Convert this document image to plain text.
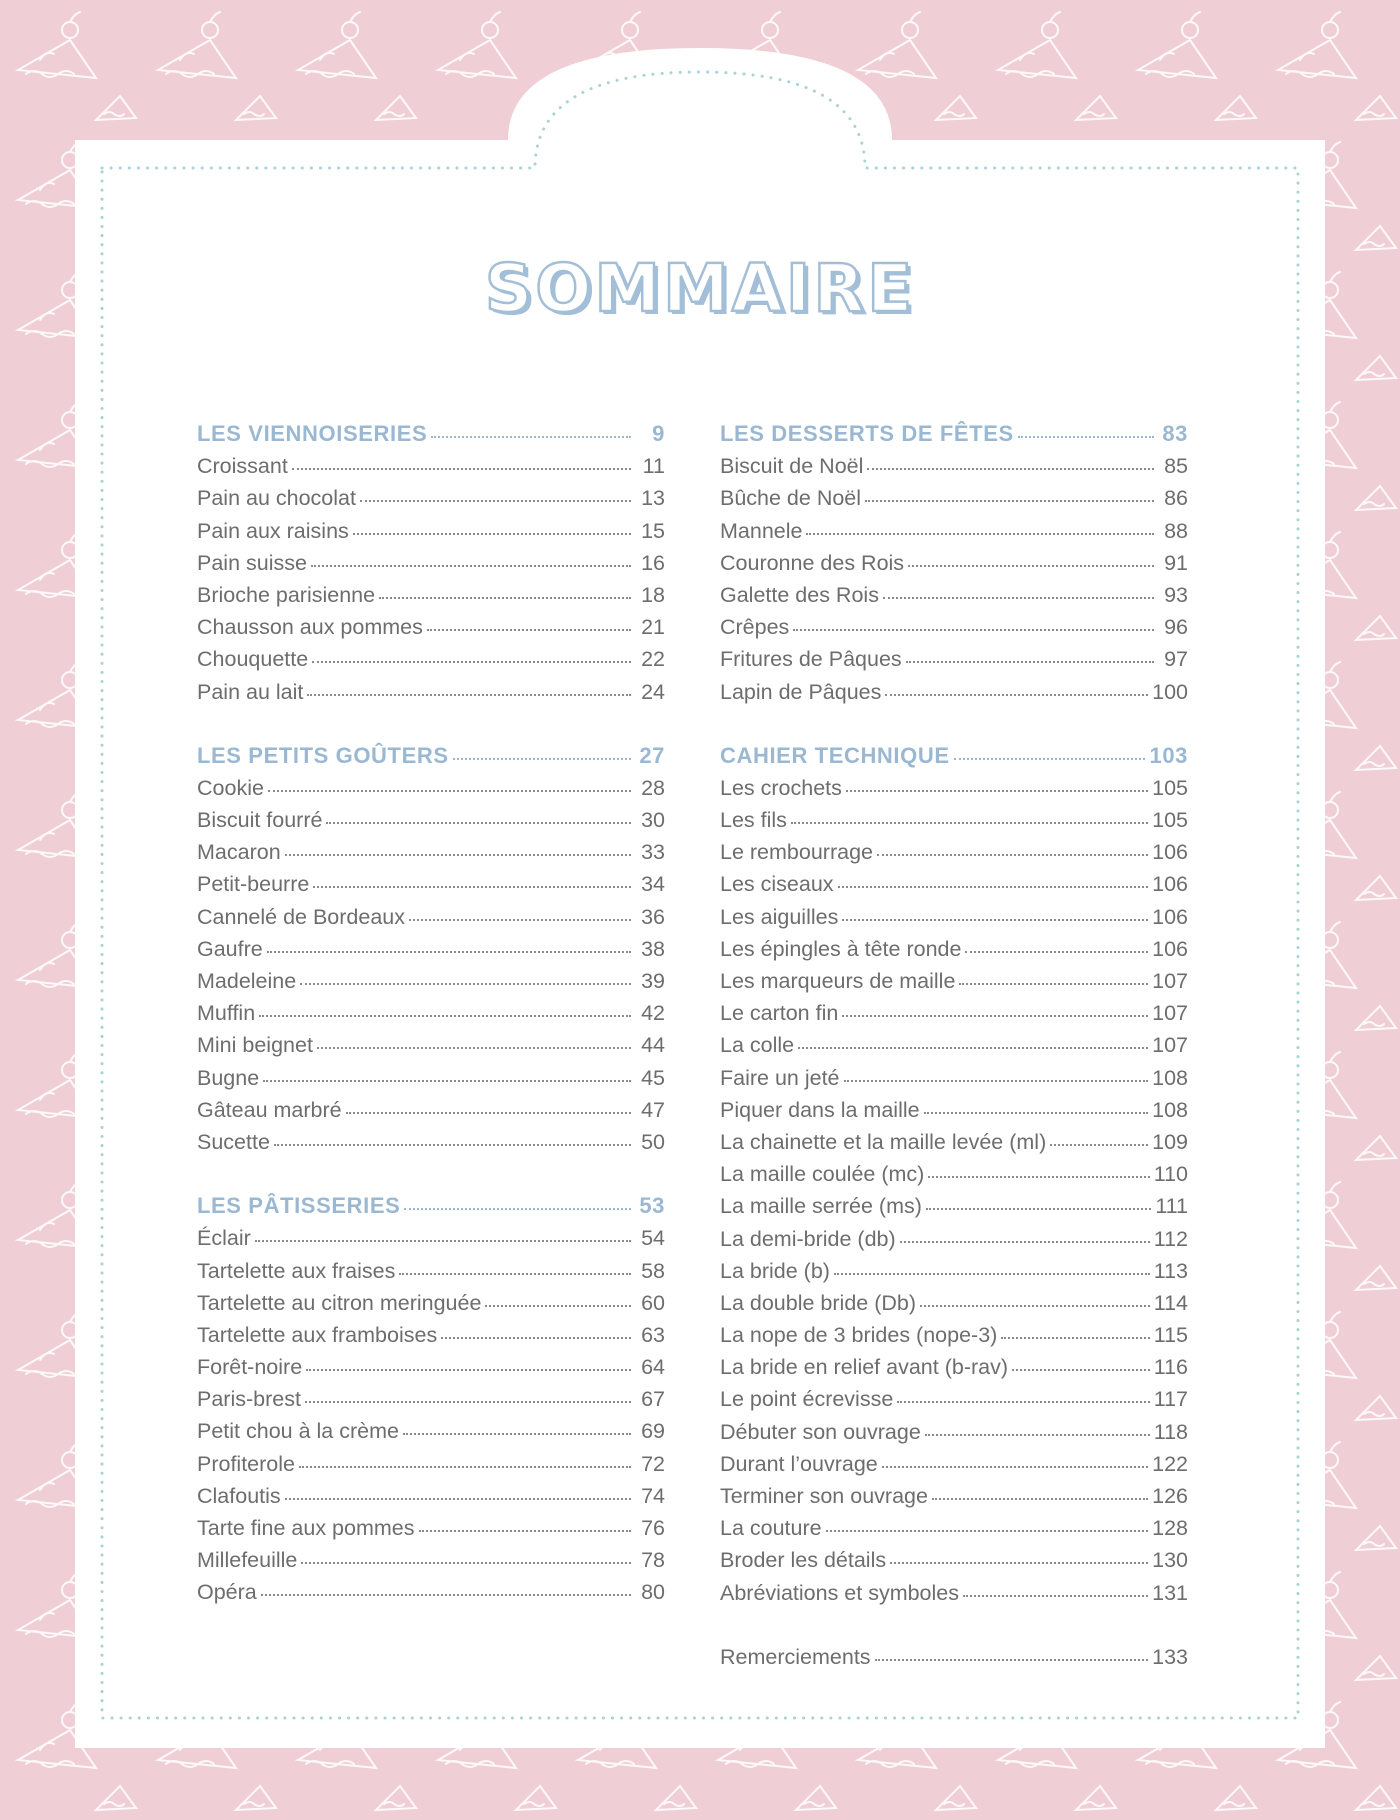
SOMMAIRE
LES VIENNOISERIES	9
Croissant	11
Pain au chocolat	13
Pain aux raisins	15
Pain suisse	16
Brioche parisienne	18
Chausson aux pommes	21
Chouquette	22
Pain au lait	24
LES PETITS GOÛTERS	27
Cookie	28
Biscuit fourré	30
Macaron	33
Petit-beurre	34
Cannelé de Bordeaux	36
Gaufre	38
Madeleine	39
Muffin	42
Mini beignet	44
Bugne	45
Gâteau marbré	47
Sucette	50
LES PÂTISSERIES	53
Éclair	54
Tartelette aux fraises	58
Tartelette au citron meringuée	60
Tartelette aux framboises	63
Forêt-noire	64
Paris-brest	67
Petit chou à la crème	69
Profiterole	72
Clafoutis	74
Tarte fine aux pommes	76
Millefeuille	78
Opéra	80
LES DESSERTS DE FÊTES	83
Biscuit de Noël	85
Bûche de Noël	86
Mannele	88
Couronne des Rois	91
Galette des Rois	93
Crêpes	96
Fritures de Pâques	97
Lapin de Pâques	100
CAHIER TECHNIQUE	103
Les crochets	105
Les fils	105
Le rembourrage	106
Les ciseaux	106
Les aiguilles	106
Les épingles à tête ronde	106
Les marqueurs de maille	107
Le carton fin	107
La colle	107
Faire un jeté	108
Piquer dans la maille	108
La chainette et la maille levée (ml)	109
La maille coulée (mc)	110
La maille serrée (ms)	111
La demi-bride (db)	112
La bride (b)	113
La double bride (Db)	114
La nope de 3 brides (nope-3)	115
La bride en relief avant (b-rav)	116
Le point écrevisse	117
Débuter son ouvrage	118
Durant l’ouvrage	122
Terminer son ouvrage	126
La couture	128
Broder les détails	130
Abréviations et symboles	131
Remerciements	133
